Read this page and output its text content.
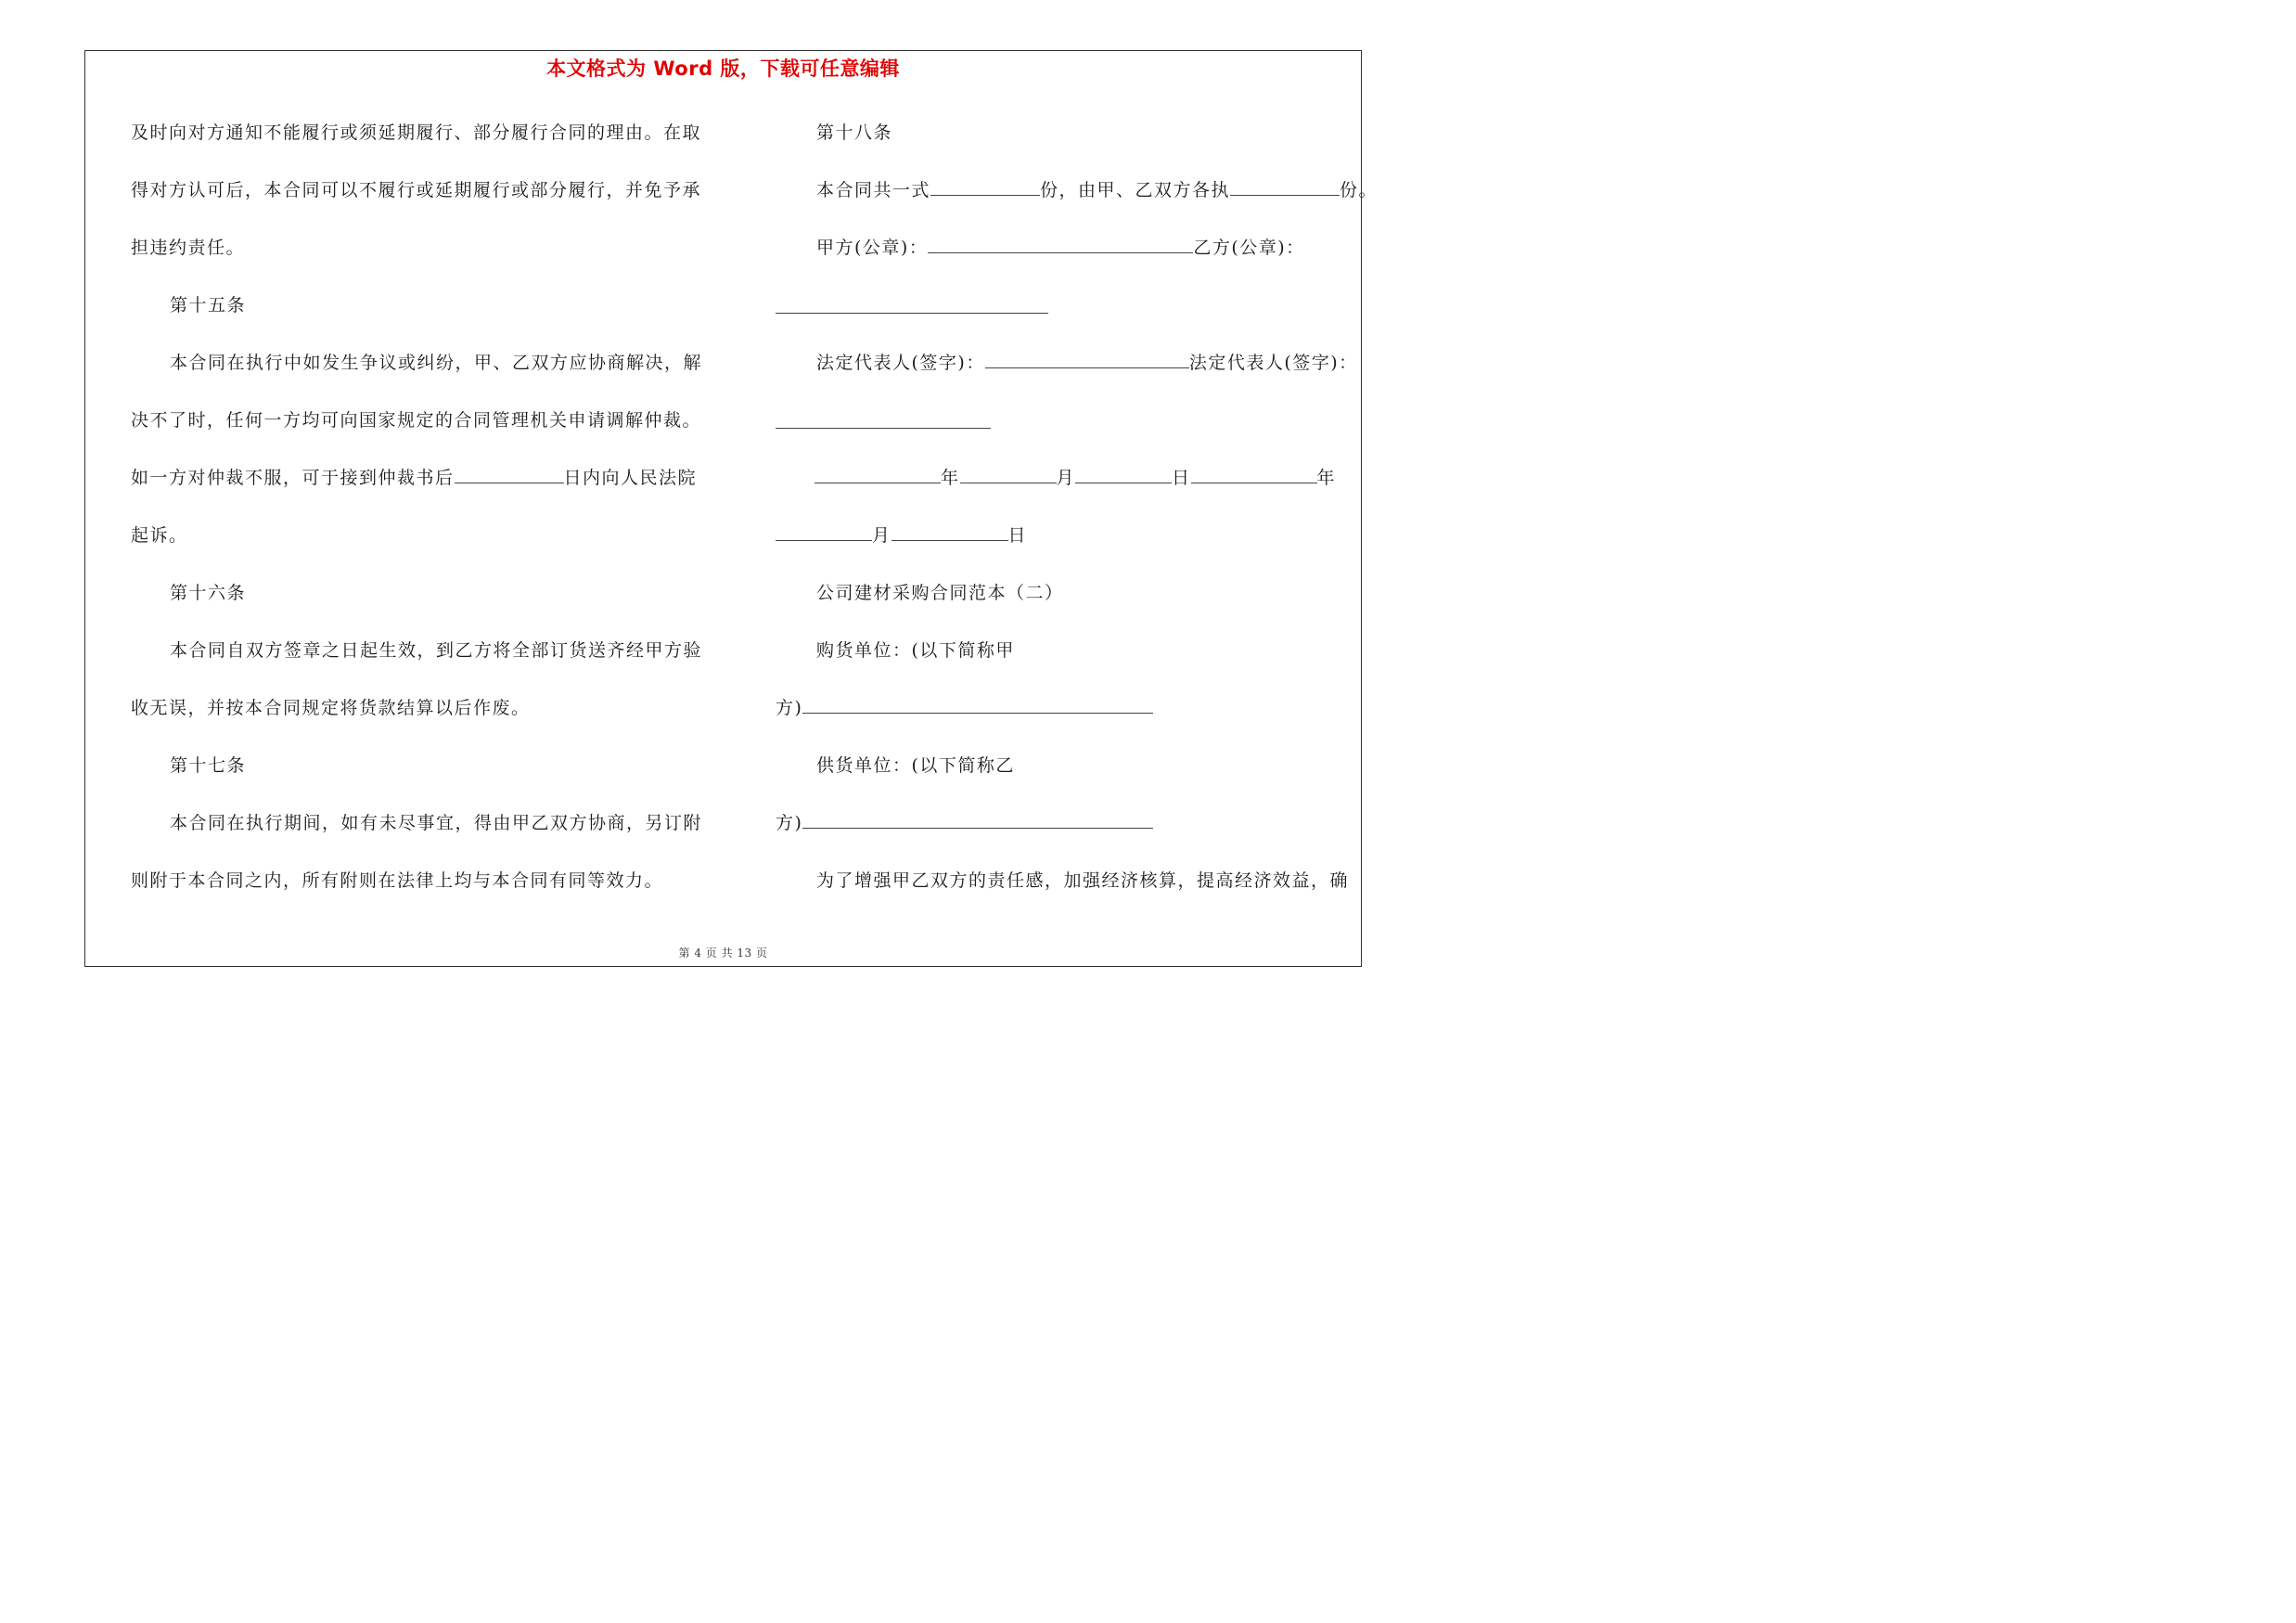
本文格式为 Word 版，下载可任意编辑
及时向对方通知不能履行或须延期履行、部分履行合同的理由。在取
得对方认可后，本合同可以不履行或延期履行或部分履行，并免予承
担违约责任。
第十五条
本合同在执行中如发生争议或纠纷，甲、乙双方应协商解决，解
决不了时，任何一方均可向国家规定的合同管理机关申请调解仲裁。
如一方对仲裁不服，可于接到仲裁书后	日内向人民法院
起诉。
第十六条
本合同自双方签章之日起生效，到乙方将全部订货送齐经甲方验
收无误，并按本合同规定将货款结算以后作废。
第十七条
本合同在执行期间，如有未尽事宜，得由甲乙双方协商，另订附
则附于本合同之内，所有附则在法律上均与本合同有同等效力。
第十八条
本合同共一式	份，由甲、乙双方各执	份。
甲方(公章)：	乙方(公章)：
法定代表人(签字)：	法定代表人(签字)：
年	月	日	年
月	日
公司建材采购合同范本（二）
购货单位：(以下简称甲
方)
供货单位：(以下简称乙
方)
为了增强甲乙双方的责任感，加强经济核算，提高经济效益，确
第 4 页 共 13 页
